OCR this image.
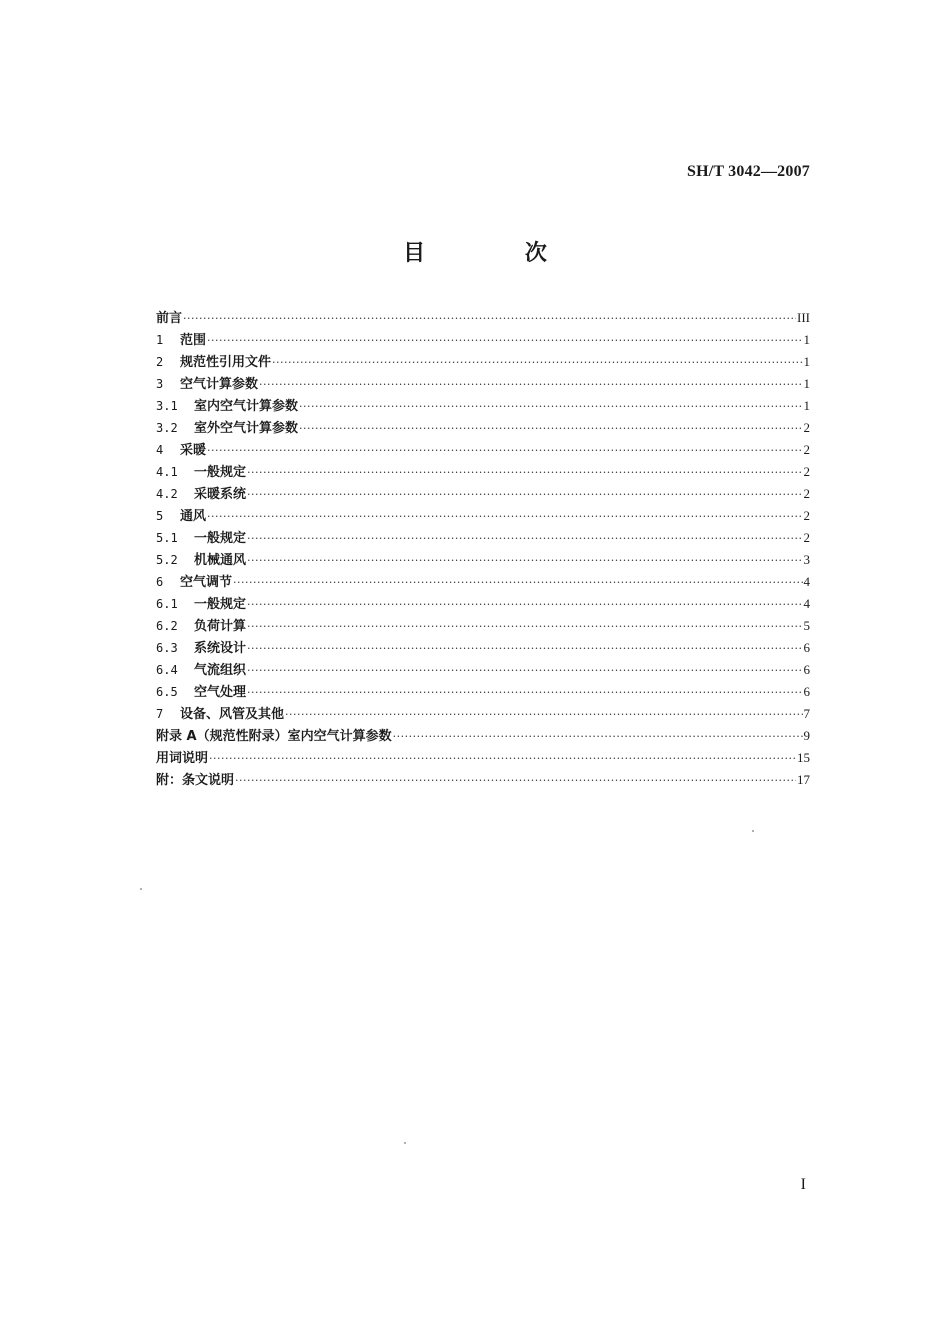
SH/T 3042—2007
目 次
前言 ·····	III
1	范围 ·····	1
2	规范性引用文件 ·····	1
3	空气计算参数 ·····	1
3.1	室内空气计算参数 ·····	1
3.2	室外空气计算参数 ·····	2
4	采暖 ·····	2
4.1	一般规定 ·····	2
4.2	采暖系统 ·····	2
5	通风 ·····	2
5.1	一般规定 ·····	2
5.2	机械通风 ·····	3
6	空气调节 ·····	4
6.1	一般规定 ·····	4
6.2	负荷计算 ·····	5
6.3	系统设计 ·····	6
6.4	气流组织 ·····	6
6.5	空气处理 ·····	6
7	设备、风管及其他 ·····	7
附录 A（规范性附录）室内空气计算参数 ·····	9
用词说明 ·····	15
附：条文说明 ·····	17
I
